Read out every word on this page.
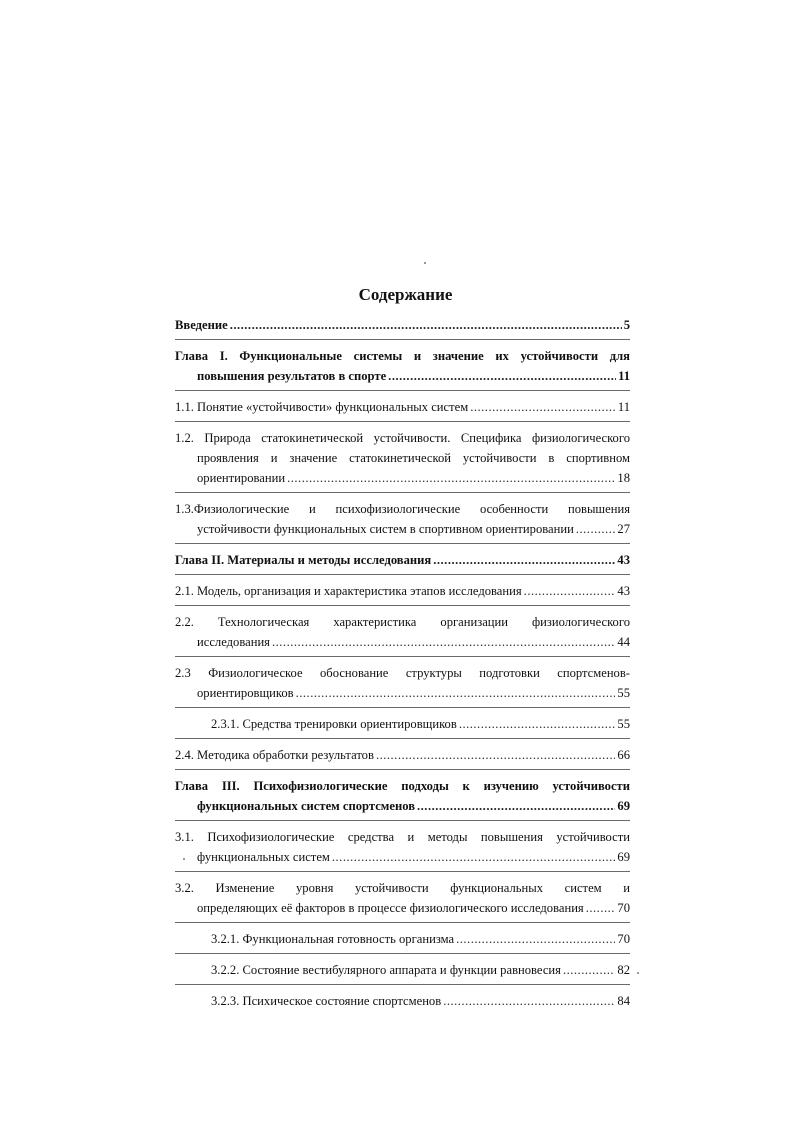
Содержание
Введение .....	5
Глава I. Функциональные системы и значение их устойчивости для
повышения результатов в спорте .....	11
1.1. Понятие «устойчивости» функциональных систем .....	11
1.2. Природа статокинетической устойчивости. Специфика физиологического
проявления и значение статокинетической устойчивости в спортивном
ориентировании .....	18
1.3.Физиологические и психофизиологические особенности повышения
устойчивости функциональных систем в спортивном ориентировании .....	27
Глава II. Материалы и методы исследования .....	43
2.1. Модель, организация и характеристика этапов исследования .....	43
2.2. Технологическая характеристика организации физиологического
исследования .....	44
2.3 Физиологическое обоснование структуры подготовки спортсменов-
ориентировщиков .....	55
2.3.1. Средства тренировки ориентировщиков .....	55
2.4. Методика обработки результатов .....	66
Глава III. Психофизиологические подходы к изучению устойчивости
функциональных систем спортсменов .....	69
3.1. Психофизиологические средства и методы повышения устойчивости
функциональных систем .....	69
3.2. Изменение уровня устойчивости функциональных систем и
определяющих её факторов в процессе физиологического исследования .....	70
3.2.1. Функциональная готовность организма .....	70
3.2.2. Состояние вестибулярного аппарата и функции равновесия .....	82
3.2.3. Психическое состояние спортсменов .....	84
